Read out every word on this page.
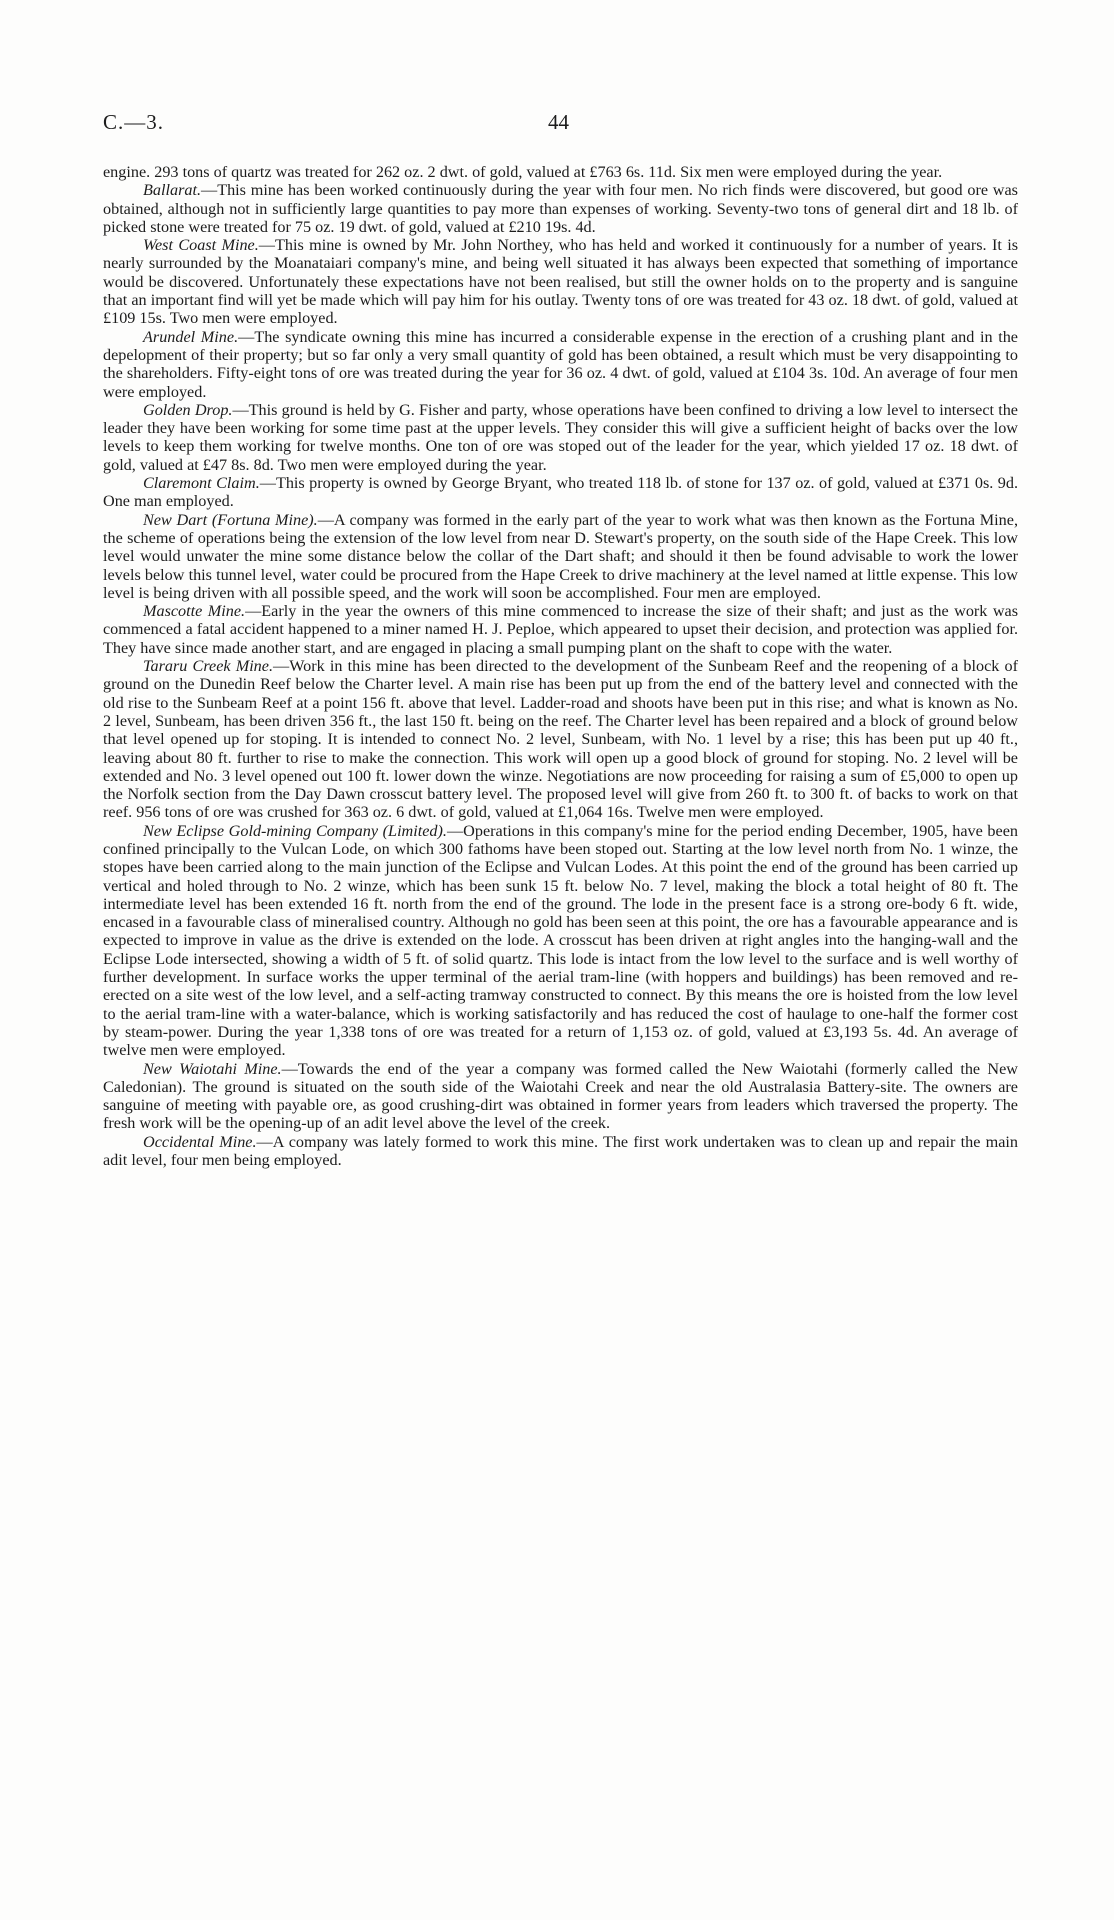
C.—3.	44

engine. 293 tons of quartz was treated for 262 oz. 2 dwt. of gold, valued at £763 6s. 11d. Six men were employed during the year.

Ballarat.—This mine has been worked continuously during the year with four men. No rich finds were discovered, but good ore was obtained, although not in sufficiently large quantities to pay more than expenses of working. Seventy-two tons of general dirt and 18 lb. of picked stone were treated for 75 oz. 19 dwt. of gold, valued at £210 19s. 4d.

West Coast Mine.—This mine is owned by Mr. John Northey, who has held and worked it continuously for a number of years. It is nearly surrounded by the Moanataiari company's mine, and being well situated it has always been expected that something of importance would be discovered. Unfortunately these expectations have not been realised, but still the owner holds on to the property and is sanguine that an important find will yet be made which will pay him for his outlay. Twenty tons of ore was treated for 43 oz. 18 dwt. of gold, valued at £109 15s. Two men were employed.

Arundel Mine.—The syndicate owning this mine has incurred a considerable expense in the erection of a crushing plant and in the depelopment of their property; but so far only a very small quantity of gold has been obtained, a result which must be very disappointing to the shareholders. Fifty-eight tons of ore was treated during the year for 36 oz. 4 dwt. of gold, valued at £104 3s. 10d. An average of four men were employed.

Golden Drop.—This ground is held by G. Fisher and party, whose operations have been confined to driving a low level to intersect the leader they have been working for some time past at the upper levels. They consider this will give a sufficient height of backs over the low levels to keep them working for twelve months. One ton of ore was stoped out of the leader for the year, which yielded 17 oz. 18 dwt. of gold, valued at £47 8s. 8d. Two men were employed during the year.

Claremont Claim.—This property is owned by George Bryant, who treated 118 lb. of stone for 137 oz. of gold, valued at £371 0s. 9d. One man employed.

New Dart (Fortuna Mine).—A company was formed in the early part of the year to work what was then known as the Fortuna Mine, the scheme of operations being the extension of the low level from near D. Stewart's property, on the south side of the Hape Creek. This low level would unwater the mine some distance below the collar of the Dart shaft; and should it then be found advisable to work the lower levels below this tunnel level, water could be procured from the Hape Creek to drive machinery at the level named at little expense. This low level is being driven with all possible speed, and the work will soon be accomplished. Four men are employed.

Mascotte Mine.—Early in the year the owners of this mine commenced to increase the size of their shaft; and just as the work was commenced a fatal accident happened to a miner named H. J. Peploe, which appeared to upset their decision, and protection was applied for. They have since made another start, and are engaged in placing a small pumping plant on the shaft to cope with the water.

Tararu Creek Mine.—Work in this mine has been directed to the development of the Sunbeam Reef and the reopening of a block of ground on the Dunedin Reef below the Charter level. A main rise has been put up from the end of the battery level and connected with the old rise to the Sunbeam Reef at a point 156 ft. above that level. Ladder-road and shoots have been put in this rise; and what is known as No. 2 level, Sunbeam, has been driven 356 ft., the last 150 ft. being on the reef. The Charter level has been repaired and a block of ground below that level opened up for stoping. It is intended to connect No. 2 level, Sunbeam, with No. 1 level by a rise; this has been put up 40 ft., leaving about 80 ft. further to rise to make the connection. This work will open up a good block of ground for stoping. No. 2 level will be extended and No. 3 level opened out 100 ft. lower down the winze. Negotiations are now proceeding for raising a sum of £5,000 to open up the Norfolk section from the Day Dawn crosscut battery level. The proposed level will give from 260 ft. to 300 ft. of backs to work on that reef. 956 tons of ore was crushed for 363 oz. 6 dwt. of gold, valued at £1,064 16s. Twelve men were employed.

New Eclipse Gold-mining Company (Limited).—Operations in this company's mine for the period ending December, 1905, have been confined principally to the Vulcan Lode, on which 300 fathoms have been stoped out. Starting at the low level north from No. 1 winze, the stopes have been carried along to the main junction of the Eclipse and Vulcan Lodes. At this point the end of the ground has been carried up vertical and holed through to No. 2 winze, which has been sunk 15 ft. below No. 7 level, making the block a total height of 80 ft. The intermediate level has been extended 16 ft. north from the end of the ground. The lode in the present face is a strong ore-body 6 ft. wide, encased in a favourable class of mineralised country. Although no gold has been seen at this point, the ore has a favourable appearance and is expected to improve in value as the drive is extended on the lode. A crosscut has been driven at right angles into the hanging-wall and the Eclipse Lode intersected, showing a width of 5 ft. of solid quartz. This lode is intact from the low level to the surface and is well worthy of further development. In surface works the upper terminal of the aerial tram-line (with hoppers and buildings) has been removed and re-erected on a site west of the low level, and a self-acting tramway constructed to connect. By this means the ore is hoisted from the low level to the aerial tram-line with a water-balance, which is working satisfactorily and has reduced the cost of haulage to one-half the former cost by steam-power. During the year 1,338 tons of ore was treated for a return of 1,153 oz. of gold, valued at £3,193 5s. 4d. An average of twelve men were employed.

New Waiotahi Mine.—Towards the end of the year a company was formed called the New Waiotahi (formerly called the New Caledonian). The ground is situated on the south side of the Waiotahi Creek and near the old Australasia Battery-site. The owners are sanguine of meeting with payable ore, as good crushing-dirt was obtained in former years from leaders which traversed the property. The fresh work will be the opening-up of an adit level above the level of the creek.

Occidental Mine.—A company was lately formed to work this mine. The first work undertaken was to clean up and repair the main adit level, four men being employed.
